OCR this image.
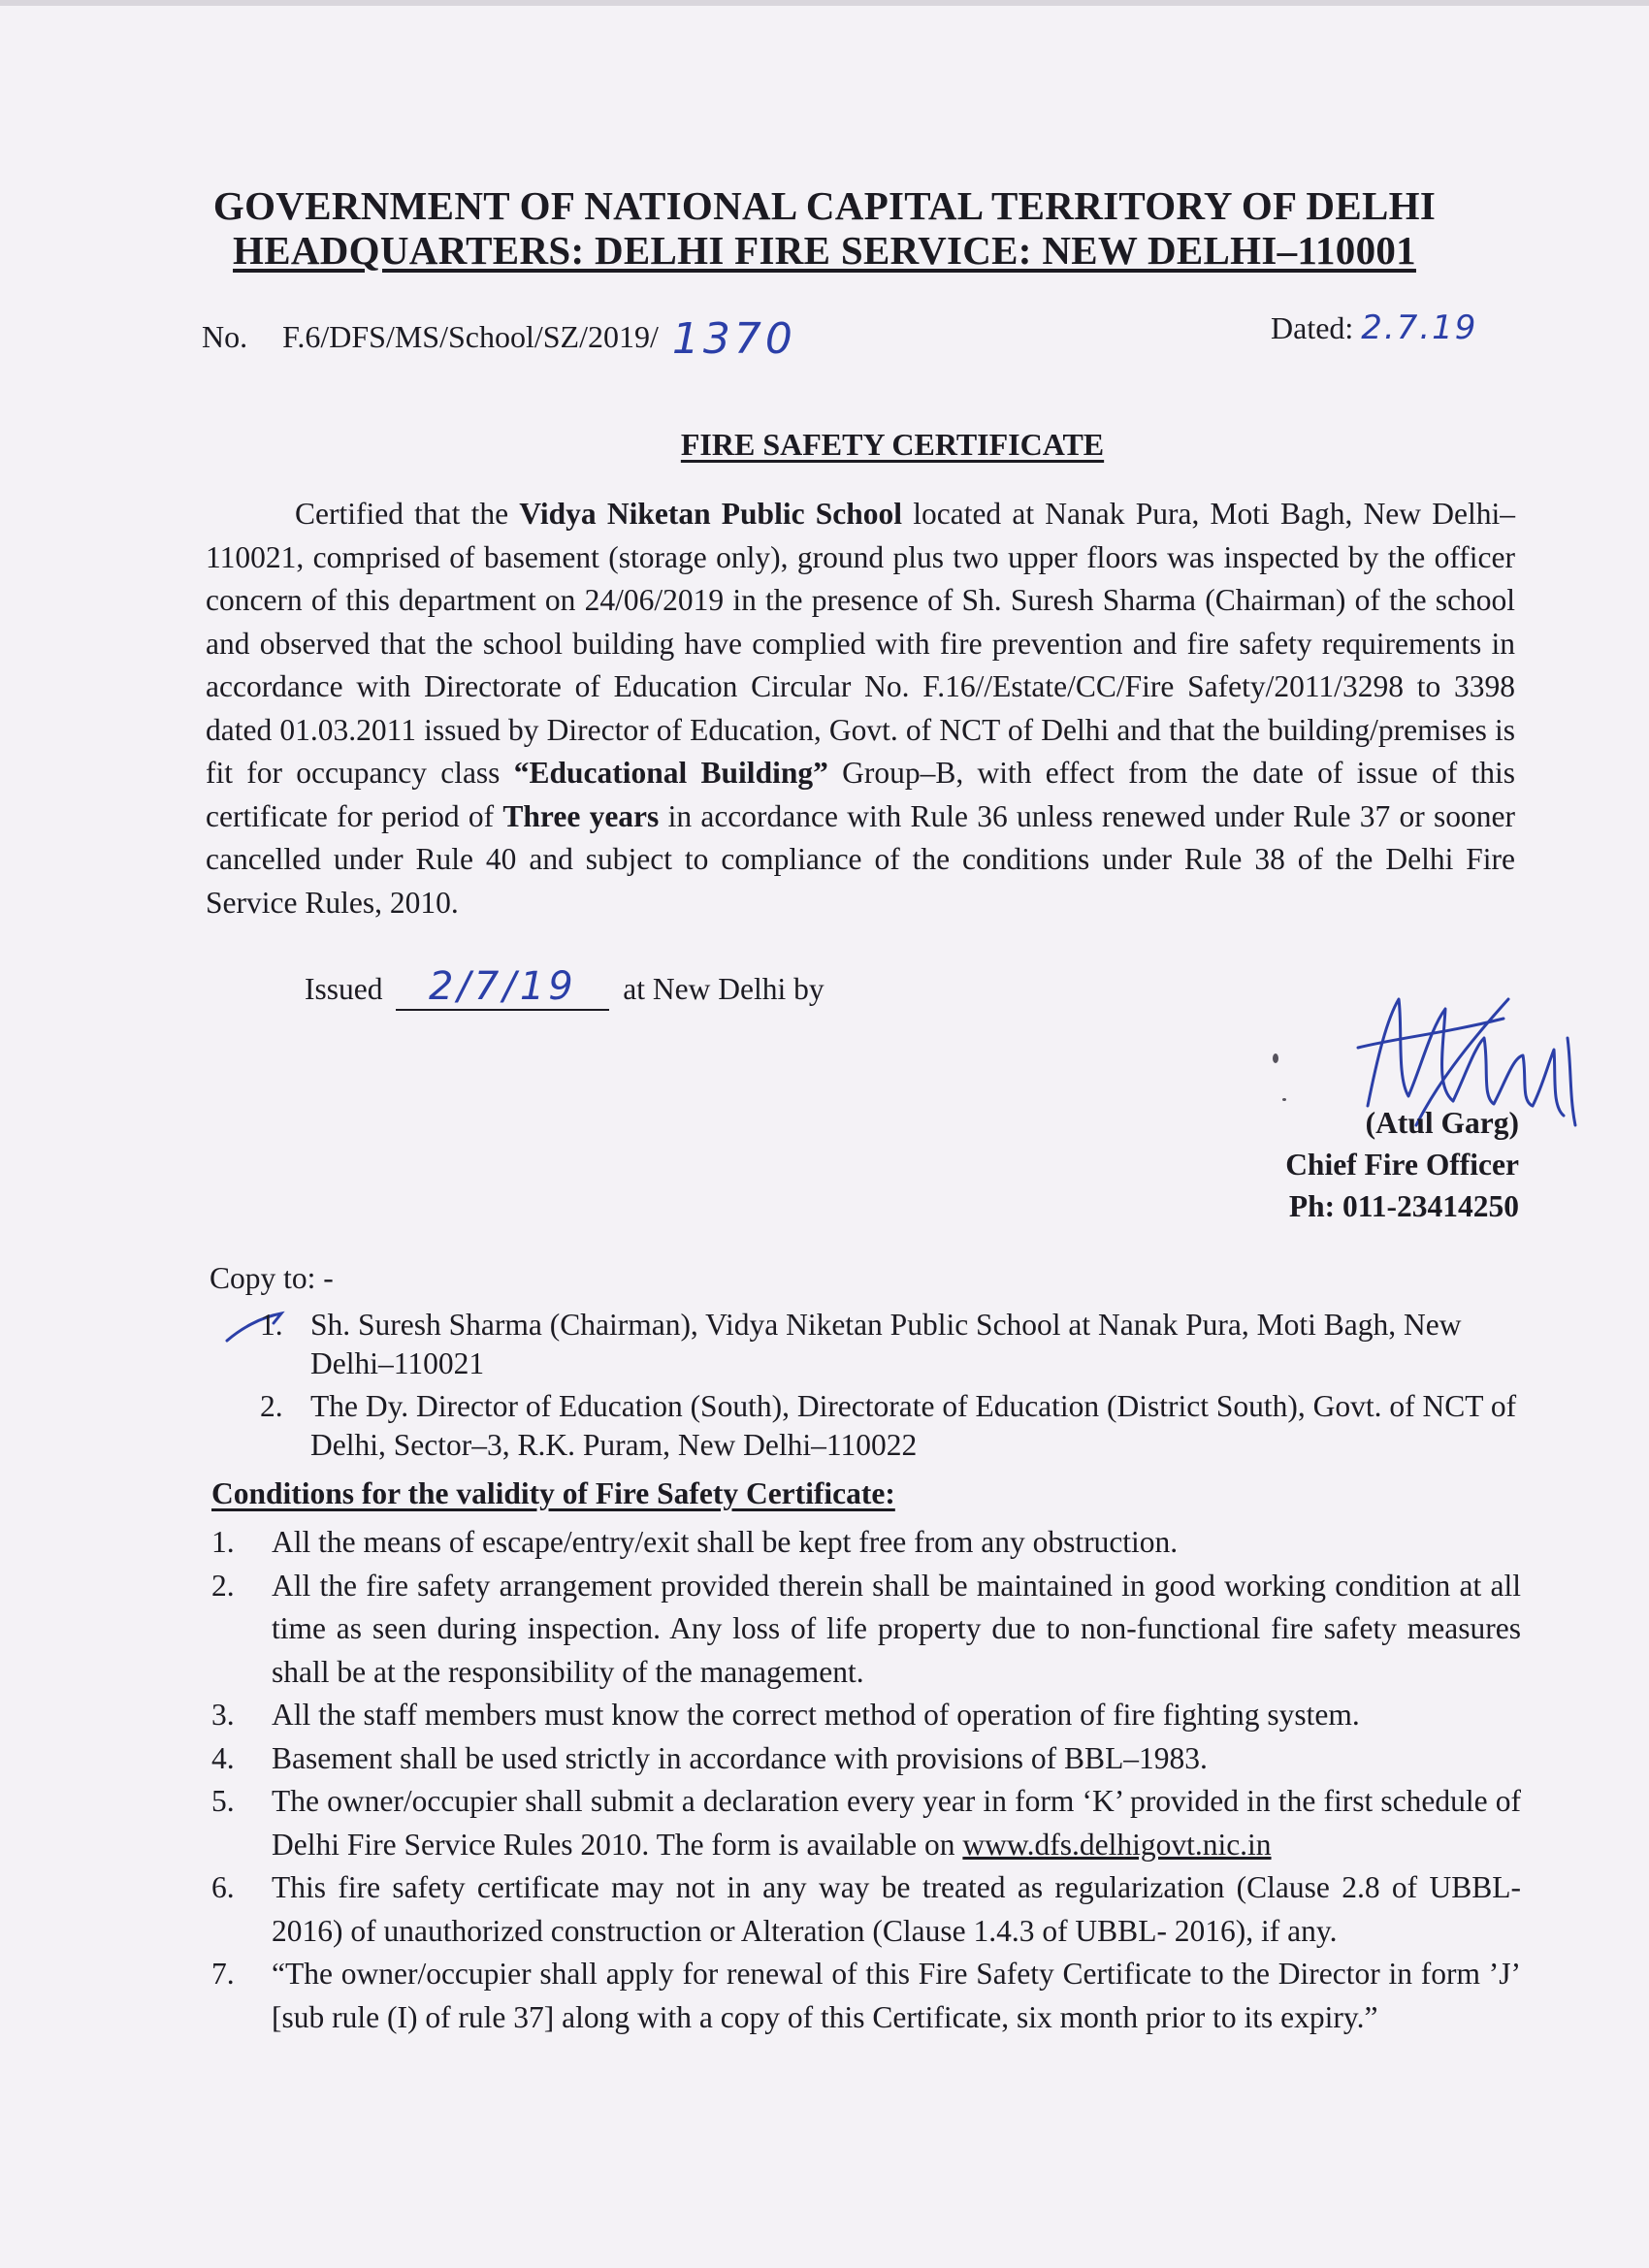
GOVERNMENT OF NATIONAL CAPITAL TERRITORY OF DELHI
HEADQUARTERS: DELHI FIRE SERVICE: NEW DELHI–110001
No. F.6/DFS/MS/School/SZ/2019/ 1370	Dated: 2.7.19
FIRE SAFETY CERTIFICATE
Certified that the Vidya Niketan Public School located at Nanak Pura, Moti Bagh, New Delhi–110021, comprised of basement (storage only), ground plus two upper floors was inspected by the officer concern of this department on 24/06/2019 in the presence of Sh. Suresh Sharma (Chairman) of the school and observed that the school building have complied with fire prevention and fire safety requirements in accordance with Directorate of Education Circular No. F.16//Estate/CC/Fire Safety/2011/3298 to 3398 dated 01.03.2011 issued by Director of Education, Govt. of NCT of Delhi and that the building/premises is fit for occupancy class “Educational Building” Group–B, with effect from the date of issue of this certificate for period of Three years in accordance with Rule 36 unless renewed under Rule 37 or sooner cancelled under Rule 40 and subject to compliance of the conditions under Rule 38 of the Delhi Fire Service Rules, 2010.
Issued 2/7/19 at New Delhi by
(Atul Garg)
Chief Fire Officer
Ph: 011-23414250
Copy to: -
1. Sh. Suresh Sharma (Chairman), Vidya Niketan Public School at Nanak Pura, Moti Bagh, New Delhi–110021
2. The Dy. Director of Education (South), Directorate of Education (District South), Govt. of NCT of Delhi, Sector–3, R.K. Puram, New Delhi–110022
Conditions for the validity of Fire Safety Certificate:
1.	All the means of escape/entry/exit shall be kept free from any obstruction.
2.	All the fire safety arrangement provided therein shall be maintained in good working condition at all time as seen during inspection. Any loss of life property due to non-functional fire safety measures shall be at the responsibility of the management.
3.	All the staff members must know the correct method of operation of fire fighting system.
4.	Basement shall be used strictly in accordance with provisions of BBL–1983.
5.	The owner/occupier shall submit a declaration every year in form ‘K’ provided in the first schedule of Delhi Fire Service Rules 2010. The form is available on www.dfs.delhigovt.nic.in
6.	This fire safety certificate may not in any way be treated as regularization (Clause 2.8 of UBBL-2016) of unauthorized construction or Alteration (Clause 1.4.3 of UBBL- 2016), if any.
7.	“The owner/occupier shall apply for renewal of this Fire Safety Certificate to the Director in form ’J’ [sub rule (I) of rule 37] along with a copy of this Certificate, six month prior to its expiry.”
